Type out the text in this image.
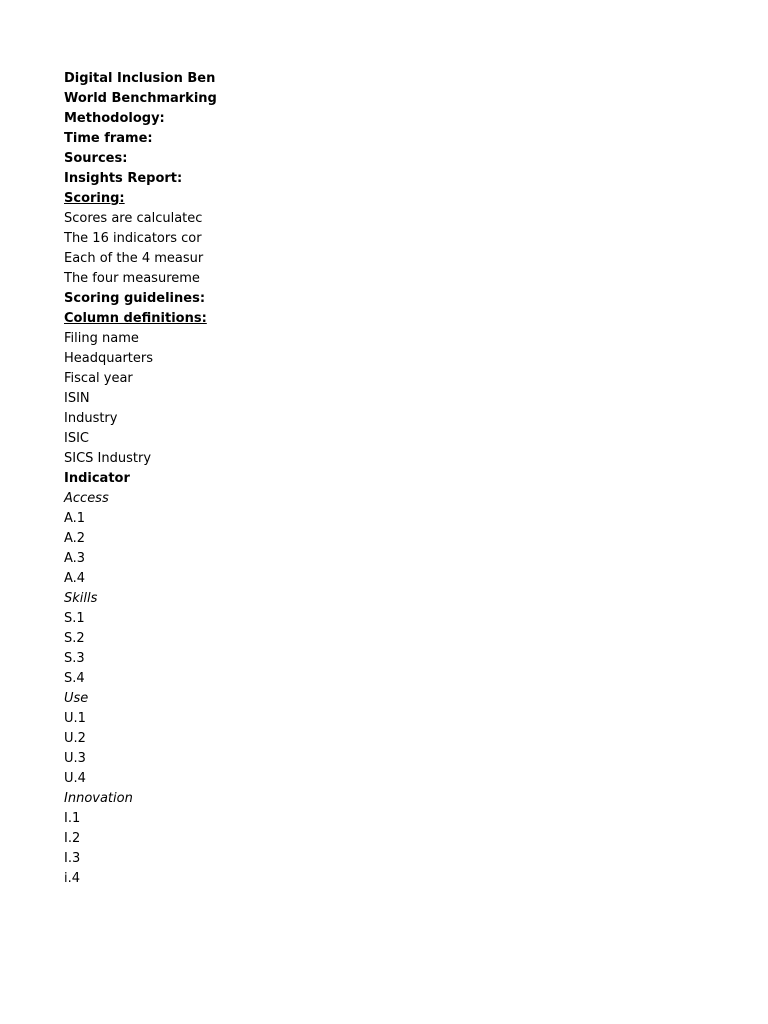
Digital Inclusion Ben
World Benchmarking
Methodology:
Time frame:
Sources:
Insights Report:
Scoring:
Scores are calculatec
The 16 indicators cor
Each of the 4 measur
The four measureme
Scoring guidelines:
Column definitions:
Filing name
Headquarters
Fiscal year
ISIN
Industry
ISIC
SICS Industry
Indicator
Access
A.1
A.2
A.3
A.4
Skills
S.1
S.2
S.3
S.4
Use
U.1
U.2
U.3
U.4
Innovation
I.1
I.2
I.3
i.4
